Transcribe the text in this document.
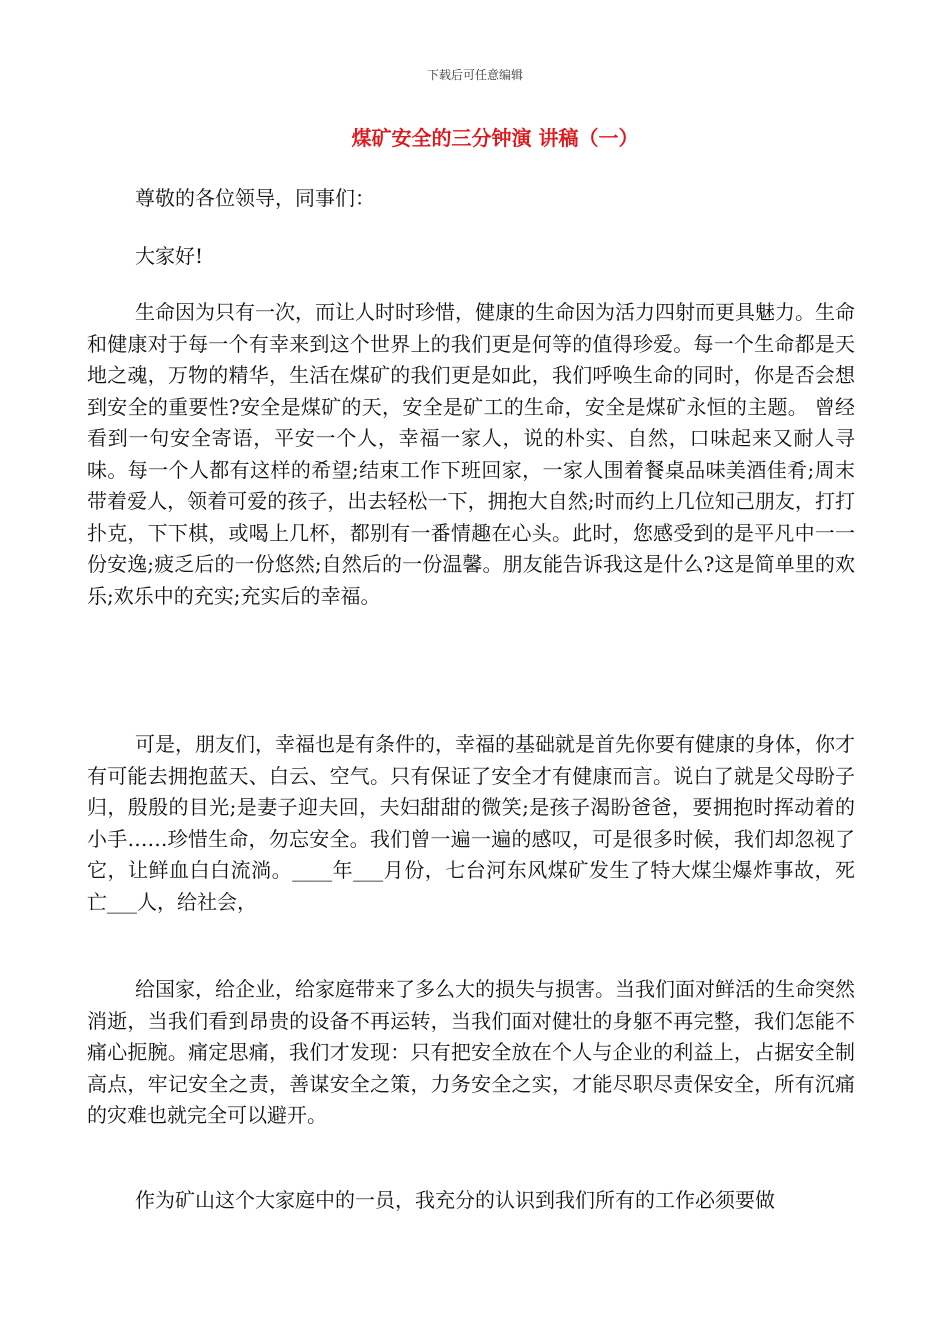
下载后可任意编辑
煤矿安全的三分钟演 讲稿（一）

尊敬的各位领导，同事们：

大家好!

生命因为只有一次，而让人时时珍惜，健康的生命因为活力四射而更具魅力。生命和健康对于每一个有幸来到这个世界上的我们更是何等的值得珍爱。每一个生命都是天地之魂，万物的精华，生活在煤矿的我们更是如此，我们呼唤生命的同时，你是否会想到安全的重要性?安全是煤矿的天，安全是矿工的生命，安全是煤矿永恒的主题。 曾经看到一句安全寄语，平安一个人，幸福一家人，说的朴实、自然，口味起来又耐人寻味。每一个人都有这样的希望;结束工作下班回家，一家人围着餐桌品味美酒佳肴;周末带着爱人，领着可爱的孩子，出去轻松一下，拥抱大自然;时而约上几位知己朋友，打打扑克，下下棋，或喝上几杯，都别有一番情趣在心头。此时，您感受到的是平凡中一一份安逸;疲乏后的一份悠然;自然后的一份温馨。朋友能告诉我这是什么?这是简单里的欢乐;欢乐中的充实;充实后的幸福。

可是，朋友们，幸福也是有条件的，幸福的基础就是首先你要有健康的身体，你才有可能去拥抱蓝天、白云、空气。只有保证了安全才有健康而言。说白了就是父母盼子归，殷殷的目光;是妻子迎夫回，夫妇甜甜的微笑;是孩子渴盼爸爸，要拥抱时挥动着的小手……珍惜生命，勿忘安全。我们曾一遍一遍的感叹，可是很多时候，我们却忽视了它，让鲜血白白流淌。____年___月份，七台河东风煤矿发生了特大煤尘爆炸事故，死亡___人，给社会，

给国家，给企业，给家庭带来了多么大的损失与损害。当我们面对鲜活的生命突然消逝，当我们看到昂贵的设备不再运转，当我们面对健壮的身躯不再完整，我们怎能不痛心扼腕。痛定思痛，我们才发现：只有把安全放在个人与企业的利益上，占据安全制高点，牢记安全之责，善谋安全之策，力务安全之实，才能尽职尽责保安全，所有沉痛的灾难也就完全可以避开。

作为矿山这个大家庭中的一员，我充分的认识到我们所有的工作必须要做
